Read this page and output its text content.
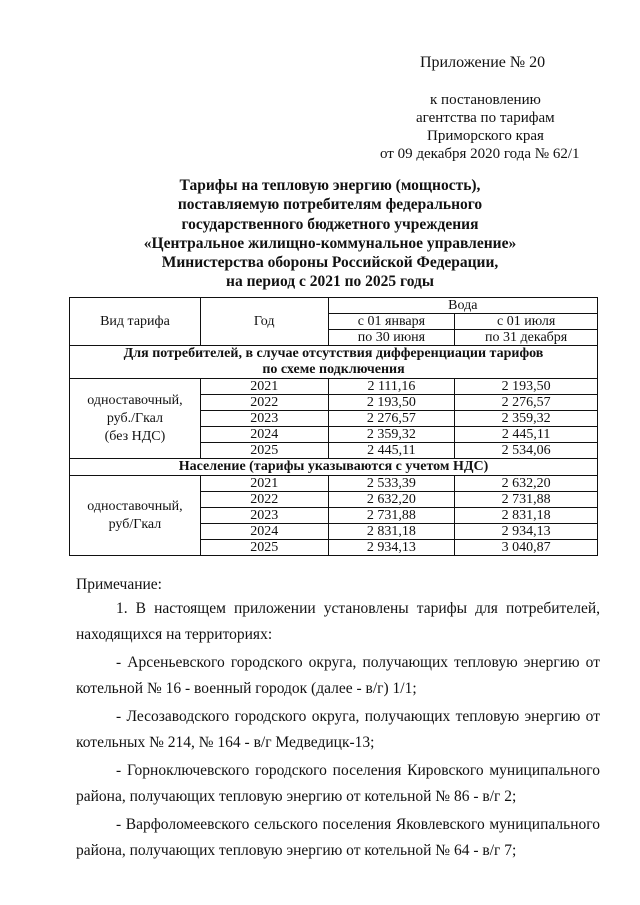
Приложение № 20
к постановлению
агентства по тарифам
Приморского края
от 09 декабря 2020 года № 62/1
Тарифы на тепловую энергию (мощность),
поставляемую потребителям федерального
государственного бюджетного учреждения
«Центральное жилищно-коммунальное управление»
Министерства обороны Российской Федерации,
на период с 2021 по 2025 годы
Вид тарифа	Год	Вода	
		с 01 января	с 01 июля
		по 30 июня	по 31 декабря

Для потребителей, в случае отсутствия дифференциации тарифов
по схеме подключения			

одноставочный,
руб./Гкал
(без НДС)	2021	2 111,16	2 193,50
	2022	2 193,50	2 276,57
	2023	2 276,57	2 359,32
	2024	2 359,32	2 445,11
	2025	2 445,11	2 534,06
Население (тарифы указываются с учетом НДС)			

одноставочный,
руб/Гкал	2021	2 533,39	2 632,20
	2022	2 632,20	2 731,88
	2023	2 731,88	2 831,18
	2024	2 831,18	2 934,13
	2025	2 934,13	3 040,87
Примечание:
1. В настоящем приложении установлены тарифы для потребителей,
находящихся на территориях:
- Арсеньевского городского округа, получающих тепловую энергию от
котельной № 16 - военный городок (далее - в/г) 1/1;
- Лесозаводского городского округа, получающих тепловую энергию от
котельных № 214, № 164 - в/г Медведицк-13;
- Горноключевского городского поселения Кировского муниципального
района, получающих тепловую энергию от котельной № 86 - в/г 2;
- Варфоломеевского сельского поселения Яковлевского муниципального
района, получающих тепловую энергию от котельной № 64 - в/г 7;
